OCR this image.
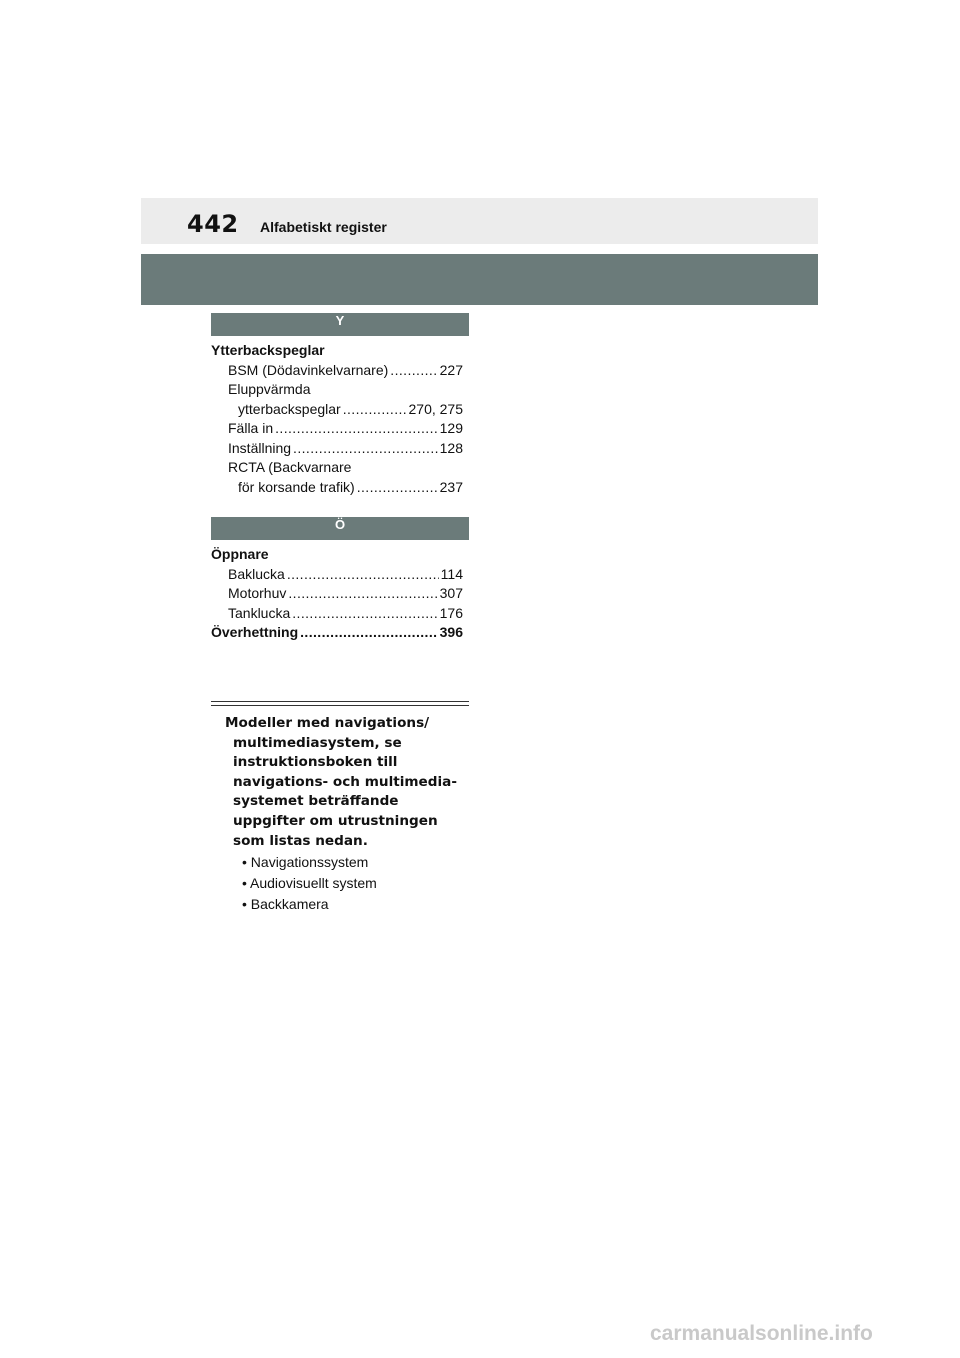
442 Alfabetiskt register
Y
Ytterbackspeglar
BSM (Dödavinkelvarnare) .....	227
Eluppvärmda
ytterbackspeglar .....	270, 275
Fälla in .....	129
Inställning .....	128
RCTA (Backvarnare
för korsande trafik) .....	237
Ö
Öppnare
Baklucka .....	114
Motorhuv .....	307
Tanklucka .....	176
Överhettning .....	396
Modeller med navigations/
multimediasystem, se
instruktionsboken till
navigations- och multimedia-
systemet beträffande
uppgifter om utrustningen
som listas nedan.
• Navigationssystem
• Audiovisuellt system
• Backkamera
carmanualsonline.info
